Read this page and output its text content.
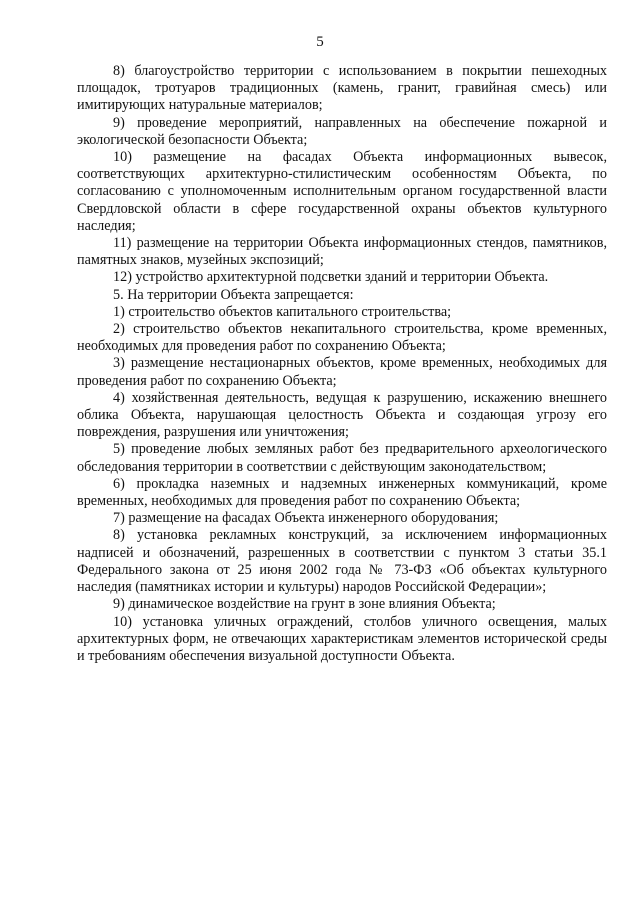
5

8) благоустройство территории с использованием в покрытии пешеходных площадок, тротуаров традиционных (камень, гранит, гравийная смесь) или имитирующих натуральные материалов;

9) проведение мероприятий, направленных на обеспечение пожарной и экологической безопасности Объекта;

10) размещение на фасадах Объекта информационных вывесок, соответствующих архитектурно-стилистическим особенностям Объекта, по согласованию с уполномоченным исполнительным органом государственной власти Свердловской области в сфере государственной охраны объектов культурного наследия;

11) размещение на территории Объекта информационных стендов, памятников, памятных знаков, музейных экспозиций;

12) устройство архитектурной подсветки зданий и территории Объекта.

5. На территории Объекта запрещается:

1) строительство объектов капитального строительства;

2) строительство объектов некапитального строительства, кроме временных, необходимых для проведения работ по сохранению Объекта;

3) размещение нестационарных объектов, кроме временных, необходимых для проведения работ по сохранению Объекта;

4) хозяйственная деятельность, ведущая к разрушению, искажению внешнего облика Объекта, нарушающая целостность Объекта и создающая угрозу его повреждения, разрушения или уничтожения;

5) проведение любых земляных работ без предварительного археологического обследования территории в соответствии с действующим законодательством;

6) прокладка наземных и надземных инженерных коммуникаций, кроме временных, необходимых для проведения работ по сохранению Объекта;

7) размещение на фасадах Объекта инженерного оборудования;

8) установка рекламных конструкций, за исключением информационных надписей и обозначений, разрешенных в соответствии с пунктом 3 статьи 35.1 Федерального закона от 25 июня 2002 года № 73-ФЗ «Об объектах культурного наследия (памятниках истории и культуры) народов Российской Федерации»;

9) динамическое воздействие на грунт в зоне влияния Объекта;

10) установка уличных ограждений, столбов уличного освещения, малых архитектурных форм, не отвечающих характеристикам элементов исторической среды и требованиям обеспечения визуальной доступности Объекта.
